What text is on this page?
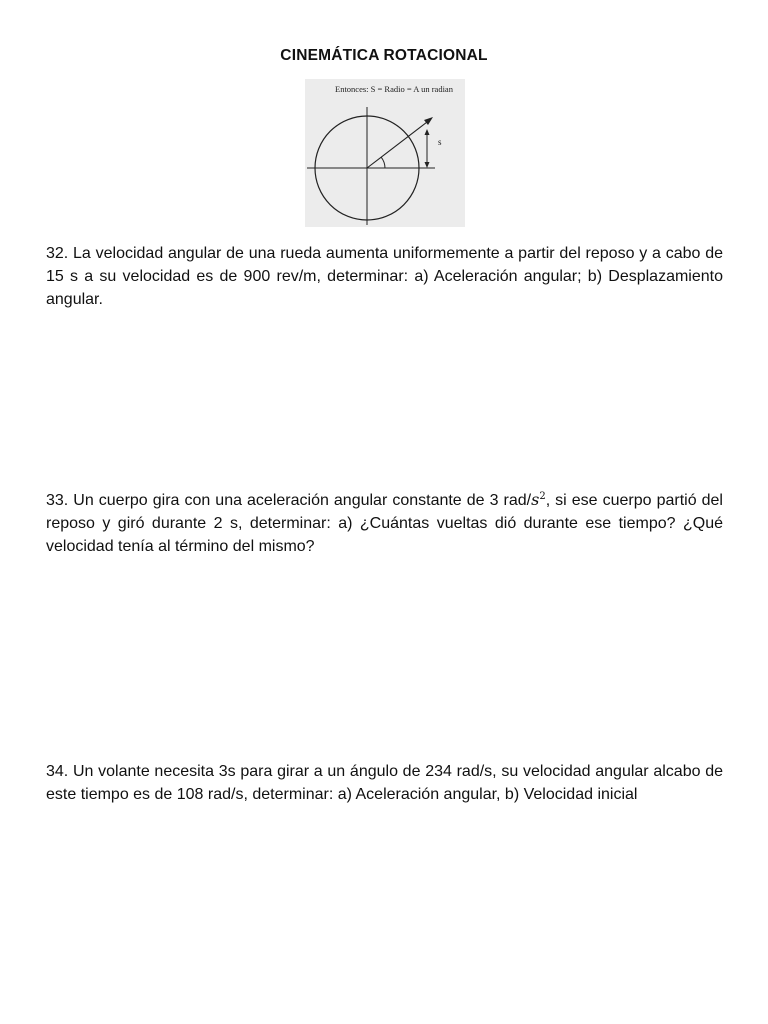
CINEMÁTICA ROTACIONAL
Entonces: S = Radio = A un radian
s
32. La velocidad angular de una rueda aumenta uniformemente a partir del reposo y a cabo de 15 s a su velocidad es de 900 rev/m, determinar: a) Aceleración angular; b) Desplazamiento angular.
33. Un cuerpo gira con una aceleración angular constante de 3 rad/$s^2$, si ese cuerpo partió del reposo y giró durante 2 s, determinar: a) ¿Cuántas vueltas dió durante ese tiempo? ¿Qué velocidad tenía al término del mismo?
34. Un volante necesita 3s para girar a un ángulo de 234 rad/s, su velocidad angular alcabo de este tiempo es de 108 rad/s, determinar: a) Aceleración angular, b) Velocidad inicial
